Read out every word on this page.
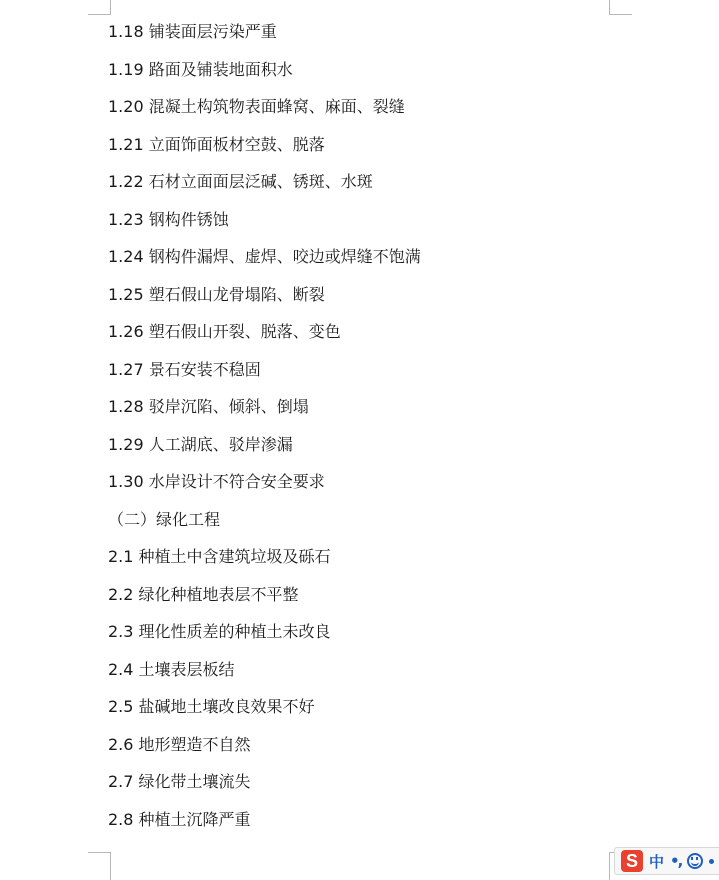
1.18 铺装面层污染严重
1.19 路面及铺装地面积水
1.20 混凝土构筑物表面蜂窝、麻面、裂缝
1.21 立面饰面板材空鼓、脱落
1.22 石材立面面层泛碱、锈斑、水斑
1.23 钢构件锈蚀
1.24 钢构件漏焊、虚焊、咬边或焊缝不饱满
1.25 塑石假山龙骨塌陷、断裂
1.26 塑石假山开裂、脱落、变色
1.27 景石安装不稳固
1.28 驳岸沉陷、倾斜、倒塌
1.29 人工湖底、驳岸渗漏
1.30 水岸设计不符合安全要求
（二）绿化工程
2.1 种植土中含建筑垃圾及砾石
2.2 绿化种植地表层不平整
2.3 理化性质差的种植土未改良
2.4 土壤表层板结
2.5 盐碱地土壤改良效果不好
2.6 地形塑造不自然
2.7 绿化带土壤流失
2.8 种植土沉降严重
S 中 •,
